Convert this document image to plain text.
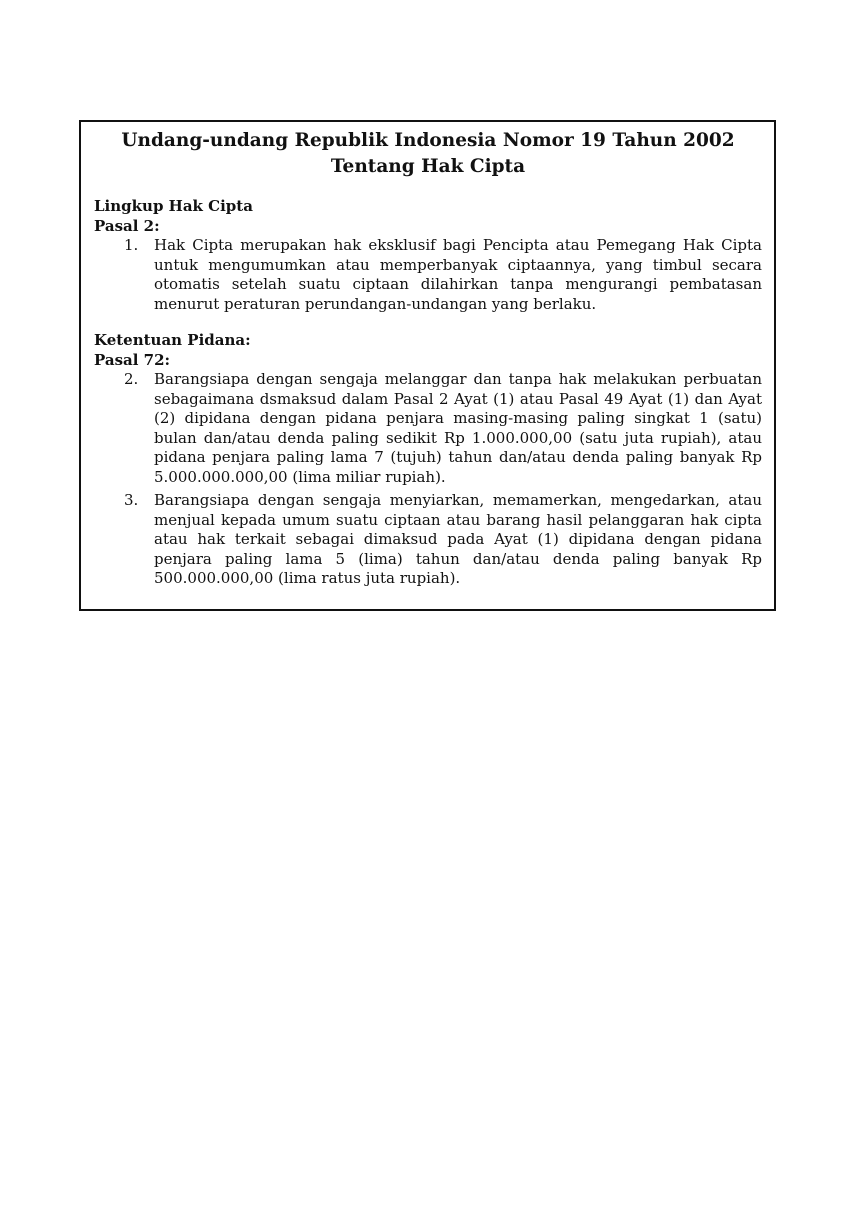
Undang-undang Republik Indonesia Nomor 19 Tahun 2002

Tentang Hak Cipta

Lingkup Hak Cipta

Pasal 2:

1.	Hak Cipta merupakan hak eksklusif bagi Pencipta atau Pemegang Hak Cipta untuk mengumumkan atau memperbanyak ciptaannya, yang timbul secara otomatis setelah suatu ciptaan dilahirkan tanpa mengurangi pembatasan menurut peraturan perundangan-undangan yang berlaku.

Ketentuan Pidana:

Pasal 72:

2.	Barangsiapa dengan sengaja melanggar dan tanpa hak melakukan perbuatan sebagaimana dsmaksud dalam Pasal 2 Ayat (1) atau Pasal 49 Ayat (1) dan Ayat (2) dipidana dengan pidana penjara masing-masing paling singkat 1 (satu) bulan dan/atau denda paling sedikit Rp 1.000.000,00 (satu juta rupiah), atau pidana penjara paling lama 7 (tujuh) tahun dan/atau denda paling banyak Rp 5.000.000.000,00 (lima miliar rupiah).
3.	Barangsiapa dengan sengaja menyiarkan, memamerkan, mengedarkan, atau menjual kepada umum suatu ciptaan atau barang hasil pelanggaran hak cipta atau hak terkait sebagai dimaksud pada Ayat (1) dipidana dengan pidana penjara paling lama 5 (lima) tahun dan/atau denda paling banyak Rp 500.000.000,00 (lima ratus juta rupiah).
